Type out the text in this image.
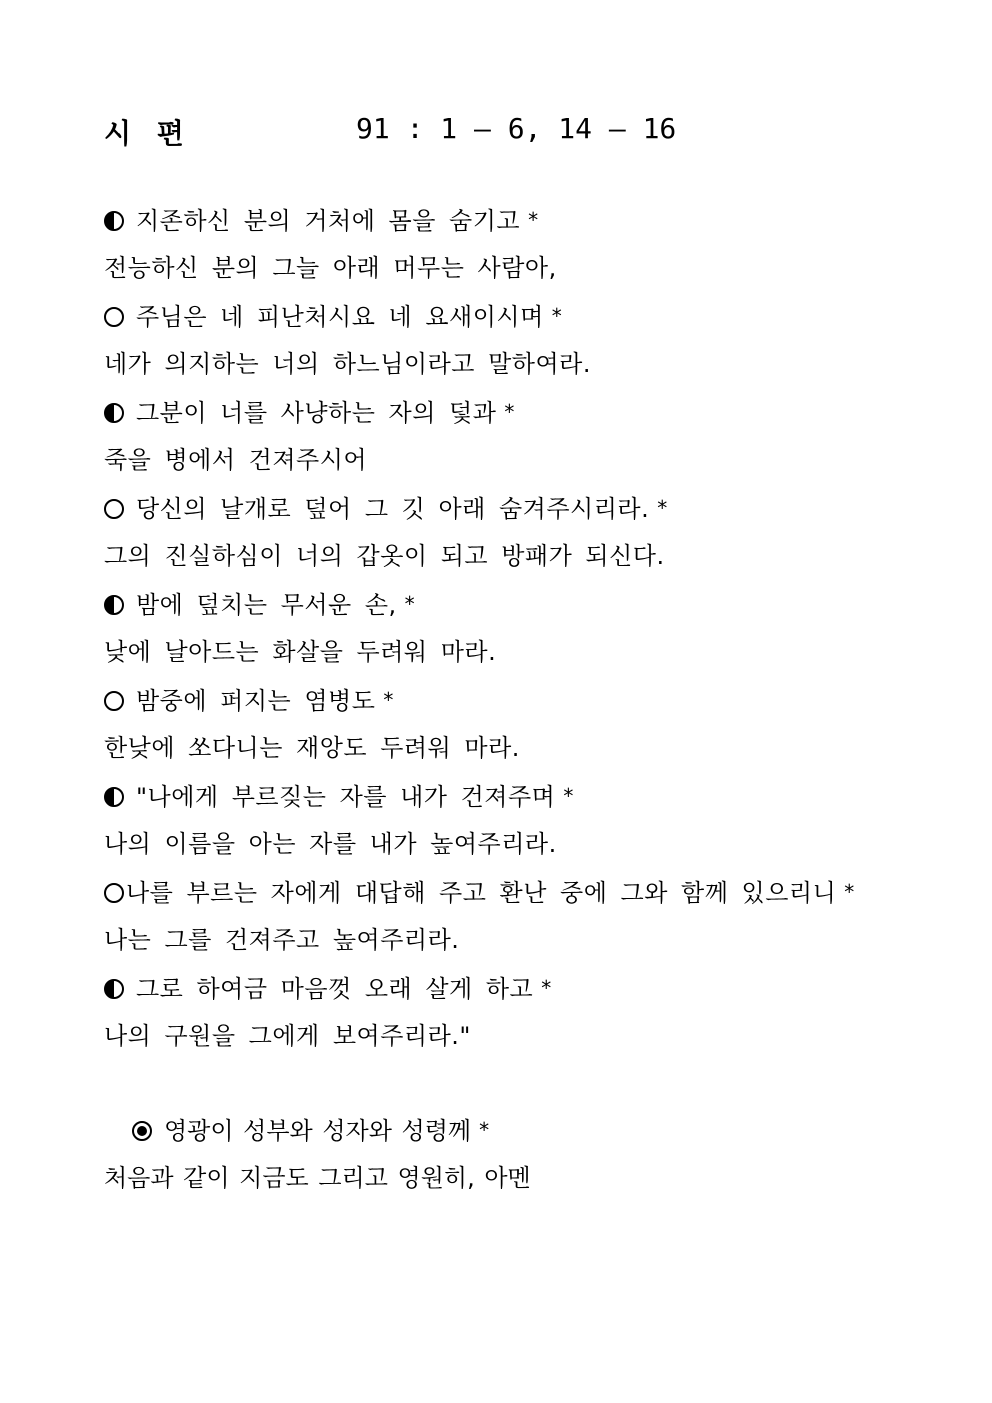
시 편	91 : 1 – 6, 14 – 16
지존하신 분의 거처에 몸을 숨기고 *
전능하신 분의 그늘 아래 머무는 사람아,
주님은 네 피난처시요 네 요새이시며 *
네가 의지하는 너의 하느님이라고 말하여라.
그분이 너를 사냥하는 자의 덫과 *
죽을 병에서 건져주시어
당신의 날개로 덮어 그 깃 아래 숨겨주시리라. *
그의 진실하심이 너의 갑옷이 되고 방패가 되신다.
밤에 덮치는 무서운 손, *
낮에 날아드는 화살을 두려워 마라.
밤중에 퍼지는 염병도 *
한낮에 쏘다니는 재앙도 두려워 마라.
"나에게 부르짖는 자를 내가 건져주며 *
나의 이름을 아는 자를 내가 높여주리라.
나를 부르는 자에게 대답해 주고 환난 중에 그와 함께 있으리니 *
나는 그를 건져주고 높여주리라.
그로 하여금 마음껏 오래 살게 하고 *
나의 구원을 그에게 보여주리라."
영광이 성부와 성자와 성령께 *
처음과 같이 지금도 그리고 영원히, 아멘
